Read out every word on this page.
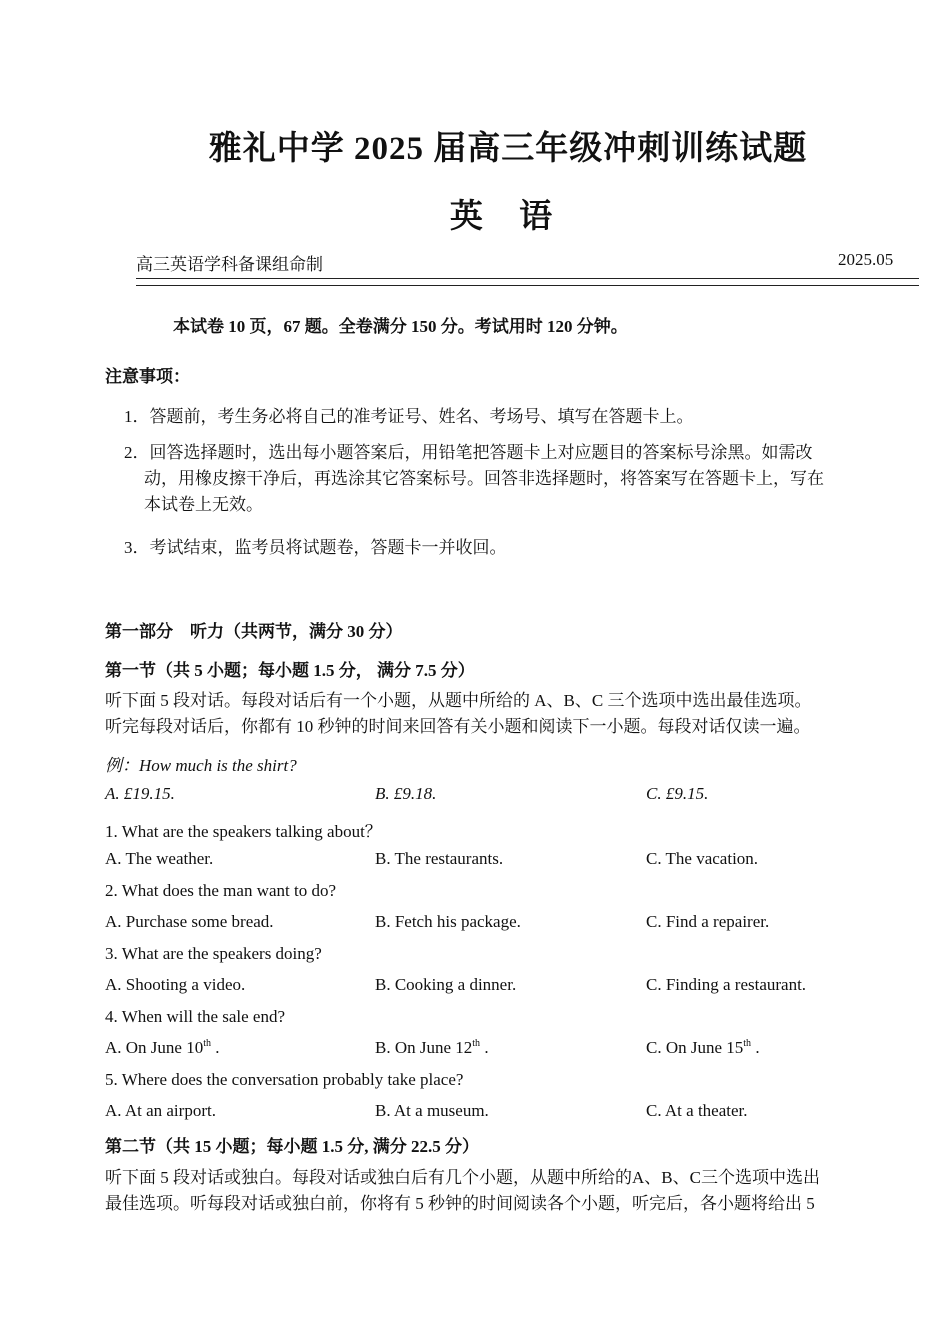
雅礼中学 2025 届高三年级冲刺训练试题
英 语
高三英语学科备课组命制	2025.05
本试卷 10 页，67 题。全卷满分 150 分。考试用时 120 分钟。
注意事项：
1．答题前，考生务必将自己的准考证号、姓名、考场号、填写在答题卡上。
2．回答选择题时，选出每小题答案后，用铅笔把答题卡上对应题目的答案标号涂黑。如需改
动，用橡皮擦干净后，再选涂其它答案标号。回答非选择题时，将答案写在答题卡上，写在
本试卷上无效。
3．考试结束，监考员将试题卷，答题卡一并收回。
第一部分　听力（共两节，满分 30 分）
第一节（共 5 小题；每小题 1.5 分， 满分 7.5 分）
听下面 5 段对话。每段对话后有一个小题，从题中所给的 A、B、C 三个选项中选出最佳选项。
听完每段对话后，你都有 10 秒钟的时间来回答有关小题和阅读下一小题。每段对话仅读一遍。
例：How much is the shirt?
A. £19.15.	B. £9.18.	C. £9.15.
1. What are the speakers talking about？
A. The weather.	B. The restaurants.	C. The vacation.
2. What does the man want to do?
A. Purchase some bread.	B. Fetch his package.	C. Find a repairer.
3. What are the speakers doing?
A. Shooting a video.	B. Cooking a dinner.	C. Finding a restaurant.
4. When will the sale end?
A. On June 10th .	B. On June 12th .	C. On June 15th .
5. Where does the conversation probably take place?
A. At an airport.	B. At a museum.	C. At a theater.
第二节（共 15 小题；每小题 1.5 分, 满分 22.5 分）
听下面 5 段对话或独白。每段对话或独白后有几个小题，从题中所给的A、B、C三个选项中选出
最佳选项。听每段对话或独白前，你将有 5 秒钟的时间阅读各个小题，听完后，各小题将给出 5
